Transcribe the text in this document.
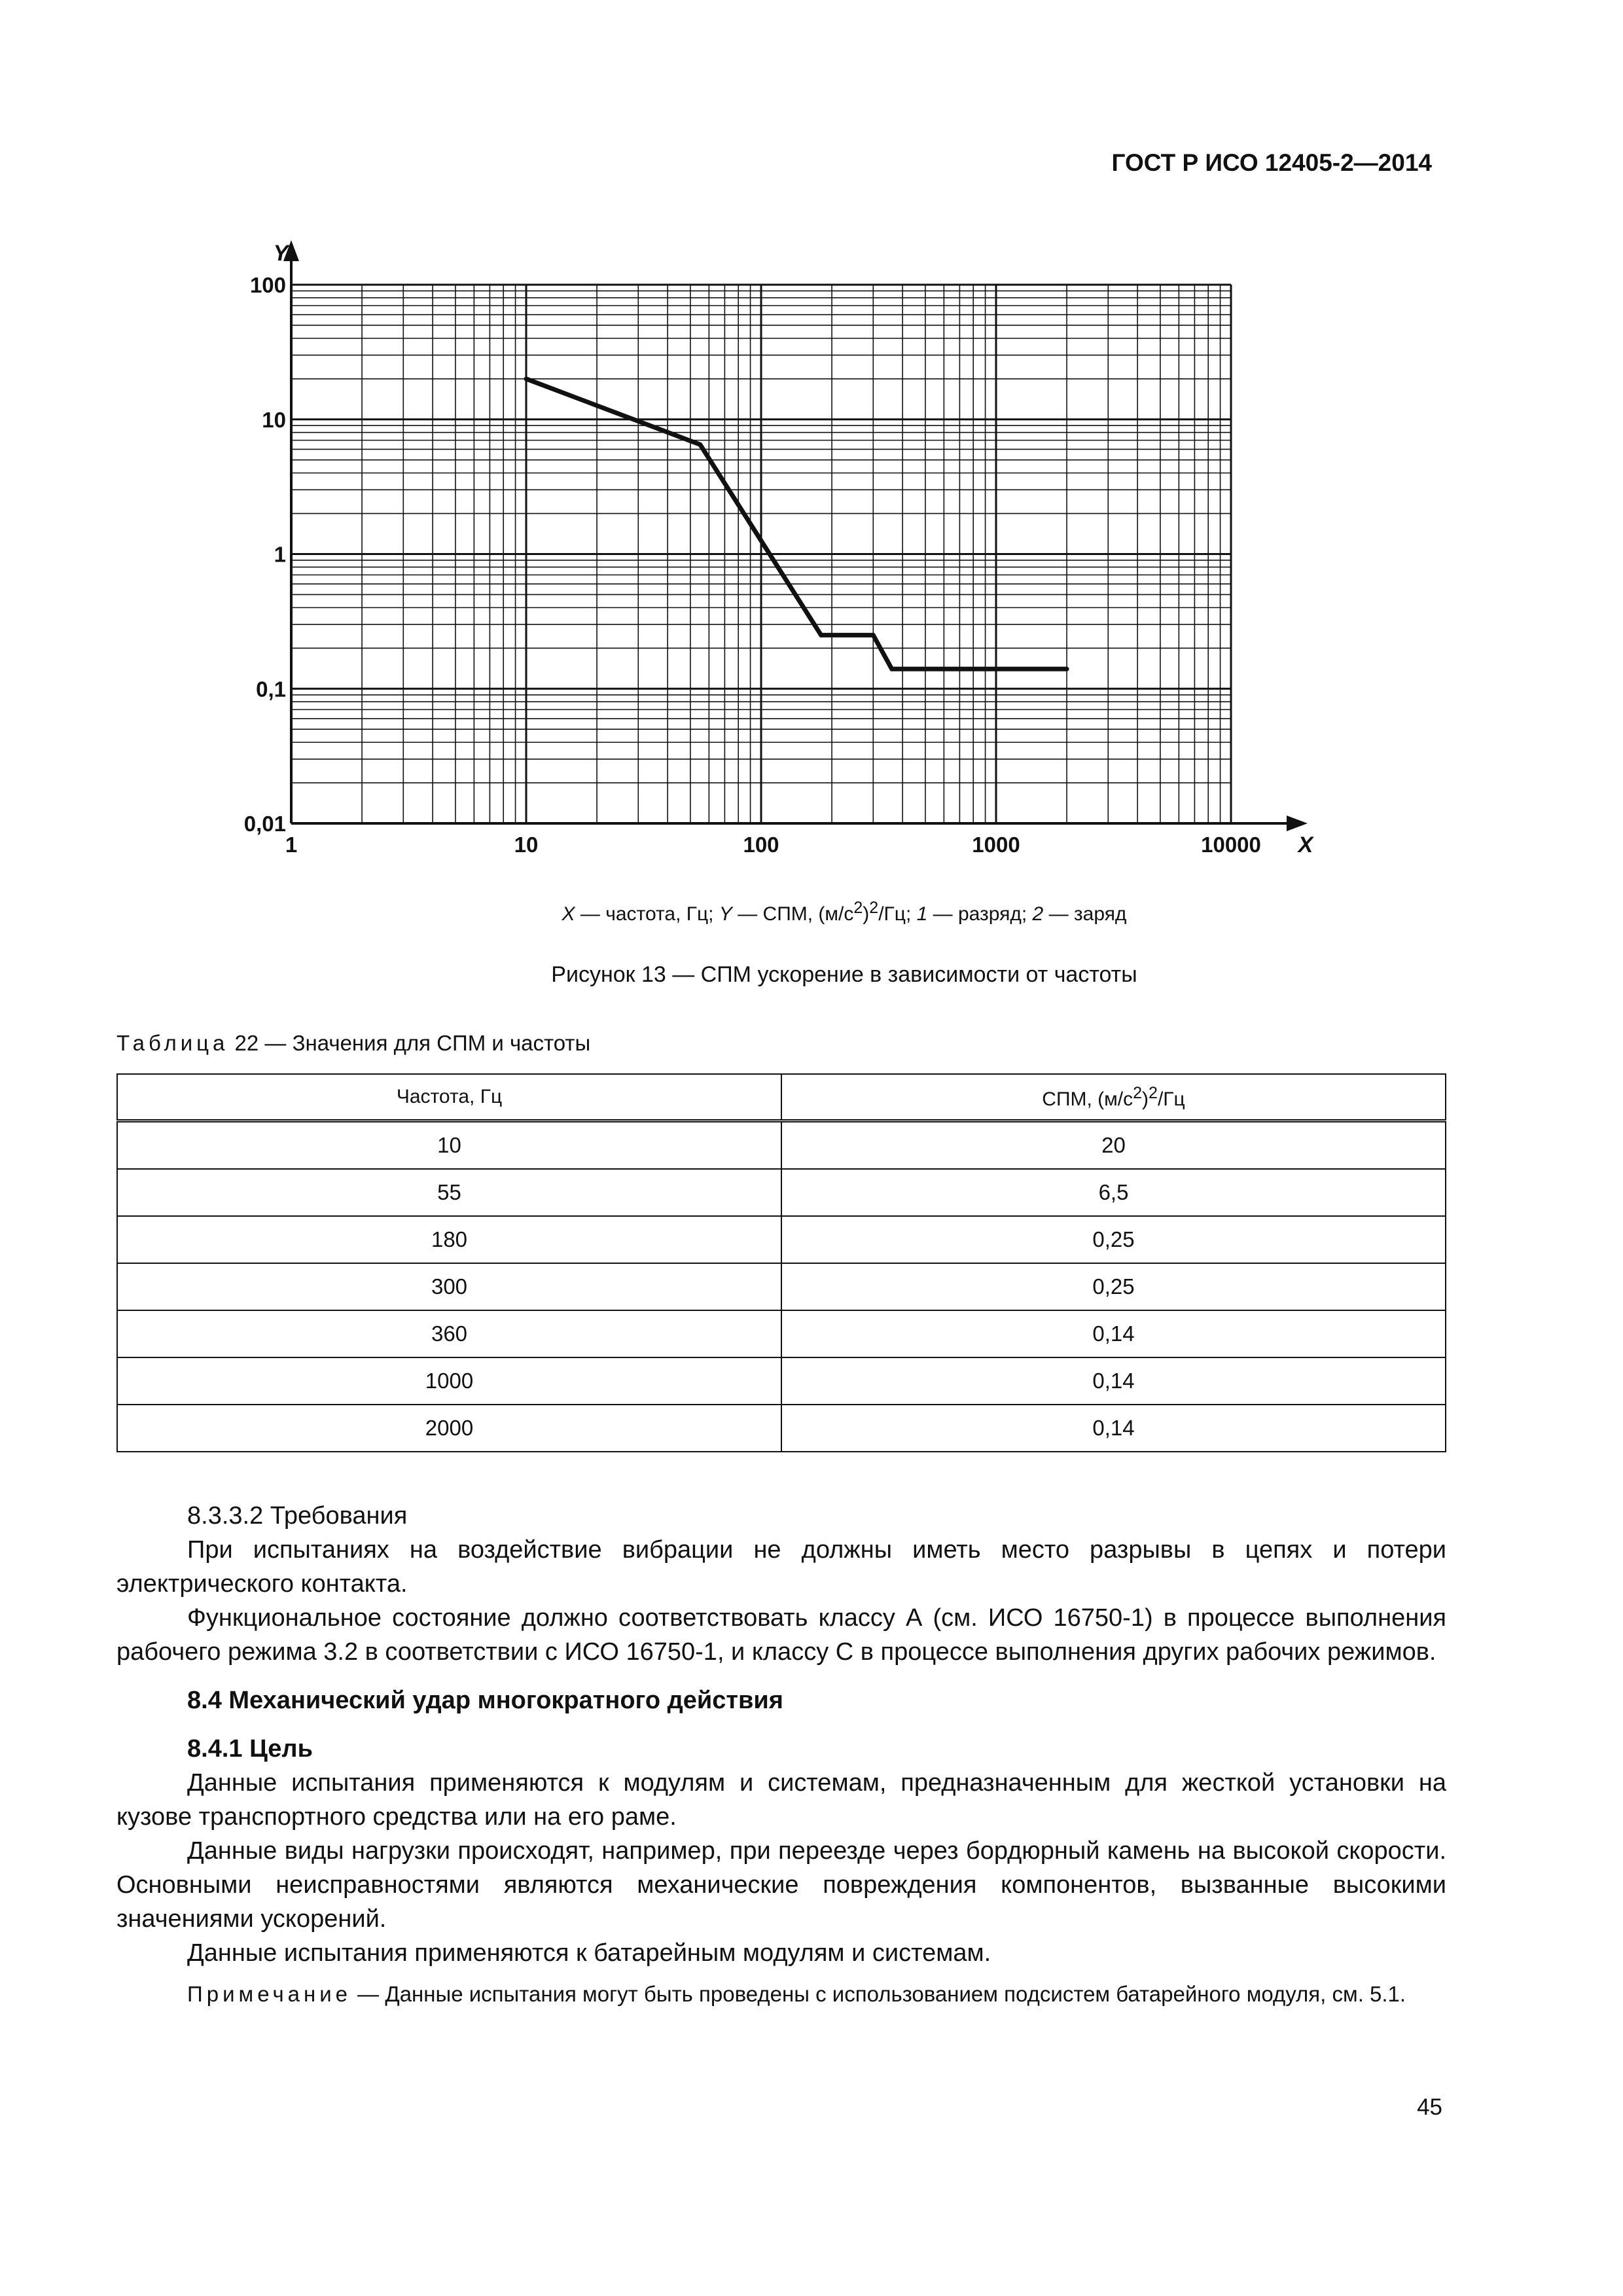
ГОСТ Р ИСО 12405-2—2014
X
Y
100
10
1
0,1
0,01
1	10	100	1000	10000
X — частота, Гц; Y — СПМ, $(м/с^2)^2/Гц$; 1 — разряд; 2 — заряд
Рисунок 13 — СПМ ускорение в зависимости от частоты
Таблица 22 — Значения для СПМ и частоты
Частота, Гц	СПМ, $(м/с^2)^2/Гц$
10	20
55	6,5
180	0,25
300	0,25
360	0,14
1000	0,14
2000	0,14

8.3.3.2 Требования

При испытаниях на воздействие вибрации не должны иметь место разрывы в цепях и потери электрического контакта.

Функциональное состояние должно соответствовать классу А (см. ИСО 16750-1) в процессе выполнения рабочего режима 3.2 в соответствии с ИСО 16750-1, и классу С в процессе выполнения других рабочих режимов.

8.4 Механический удар многократного действия

8.4.1 Цель

Данные испытания применяются к модулям и системам, предназначенным для жесткой установки на кузове транспортного средства или на его раме.

Данные виды нагрузки происходят, например, при переезде через бордюрный камень на высокой скорости. Основными неисправностями являются механические повреждения компонентов, вызванные высокими значениями ускорений.

Данные испытания применяются к батарейным модулям и системам.

Примечание — Данные испытания могут быть проведены с использованием подсистем батарейного модуля, см. 5.1.

45
